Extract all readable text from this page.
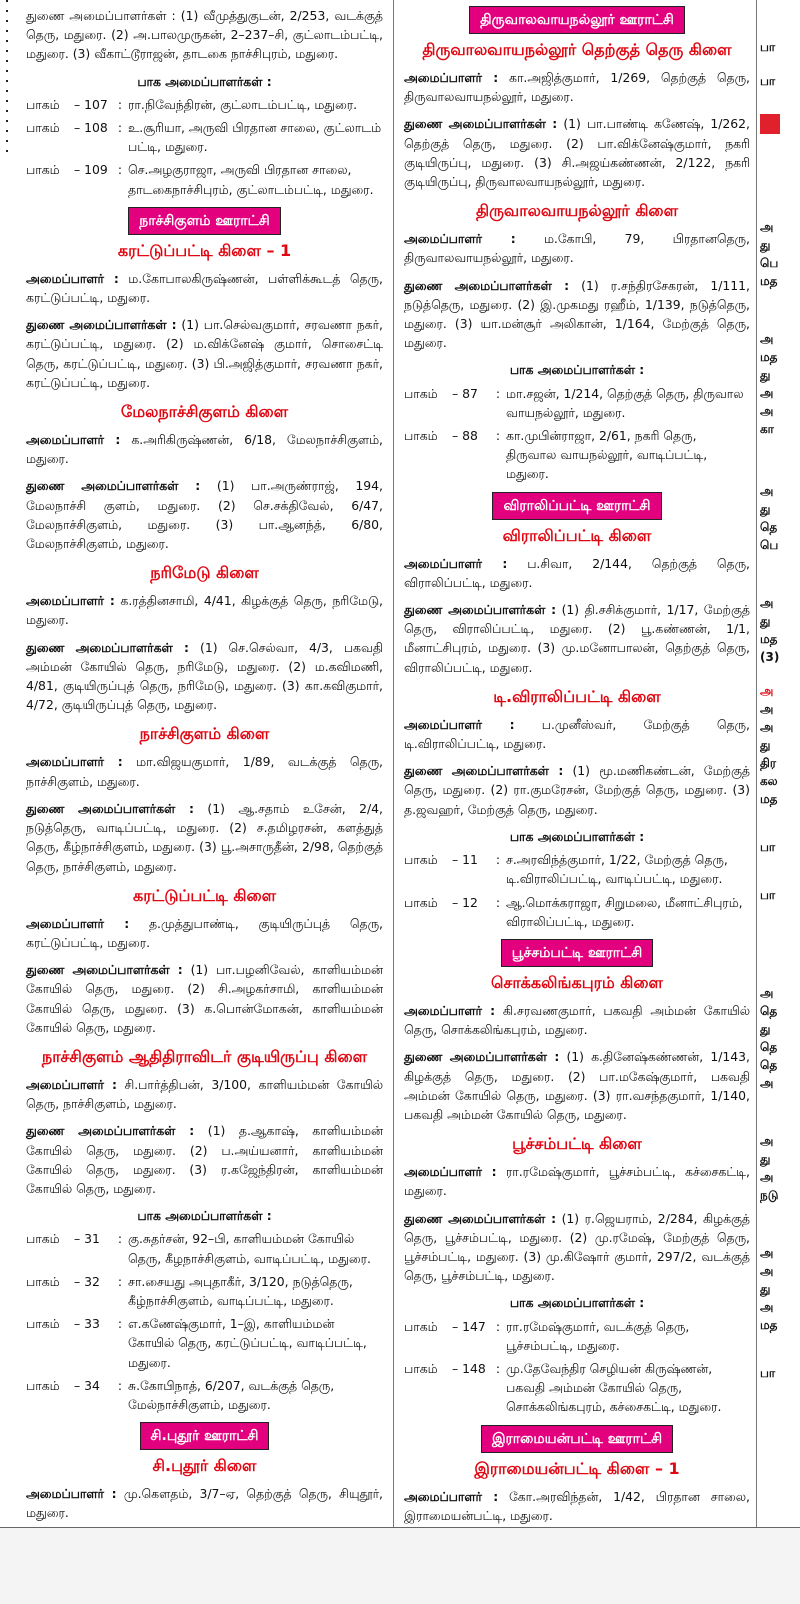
துணை அமைப்பாளர்கள் : (1) வீமுத்துகுடன், 2/253, வடக்குத் தெரு, மதுரை. (2) அ.பாலமுருகன், 2–237–சி, குட்லாடம்பட்டி, மதுரை. (3) வீகாட்டூராஜன், தாடகை நாச்சிபுரம், மதுரை.

பாக அமைப்பாளர்கள் :
பாகம்	– 107 : ரா.நிவேந்திரன், குட்லாடம்பட்டி, மதுரை.
பாகம்	– 108 : உ.சூரியா, அருவி பிரதான சாலை, குட்லாடம் பட்டி, மதுரை.
பாகம்	– 109 : செ.அழகுராஜா, அருவி பிரதான சாலை, தாடகைநாச்சிபுரம், குட்லாடம்பட்டி, மதுரை.
நாச்சிகுளம் ஊராட்சி
கரட்டுப்பட்டி கிளை – 1

அமைப்பாளர் : ம.கோபாலகிருஷ்ணன், பள்ளிக்கூடத் தெரு, கரட்டுப்பட்டி, மதுரை.

துணை அமைப்பாளர்கள் : (1) பா.செல்வகுமார், சரவணா நகர், கரட்டுப்பட்டி, மதுரை. (2) ம.விக்னேஷ் குமார், சொசைட்டி தெரு, கரட்டுப்பட்டி, மதுரை. (3) பி.அஜித்குமார், சரவணா நகர், கரட்டுப்பட்டி, மதுரை.

மேலநாச்சிகுளம் கிளை

அமைப்பாளர் : க.அரிகிருஷ்ணன், 6/18, மேலநாச்சிகுளம், மதுரை.

துணை அமைப்பாளர்கள் : (1) பா.அருண்ராஜ், 194, மேலநாச்சி குளம், மதுரை. (2) செ.சக்திவேல், 6/47, மேலநாச்சிகுளம், மதுரை. (3) பா.ஆனந்த், 6/80, மேலநாச்சிகுளம், மதுரை.

நரிமேடு கிளை

அமைப்பாளர் : க.ரத்தினசாமி, 4/41, கிழக்குத் தெரு, நரிமேடு, மதுரை.

துணை அமைப்பாளர்கள் : (1) செ.செல்வா, 4/3, பகவதி அம்மன் கோயில் தெரு, நரிமேடு, மதுரை. (2) ம.கவிமணி, 4/81, குடியிருப்புத் தெரு, நரிமேடு, மதுரை. (3) கா.கவிகுமார், 4/72, குடியிருப்புத் தெரு, மதுரை.

நாச்சிகுளம் கிளை

அமைப்பாளர் : மா.விஜயகுமார், 1/89, வடக்குத் தெரு, நாச்சிகுளம், மதுரை.

துணை அமைப்பாளர்கள் : (1) ஆ.சதாம் உசேன், 2/4, நடுத்தெரு, வாடிப்பட்டி, மதுரை. (2) ச.தமிழரசன், களத்துத் தெரு, கீழ்நாச்சிகுளம், மதுரை. (3) பூ.அசாருதீன், 2/98, தெற்குத் தெரு, நாச்சிகுளம், மதுரை.

கரட்டுப்பட்டி கிளை

அமைப்பாளர் : த.முத்துபாண்டி, குடியிருப்புத் தெரு, கரட்டுப்பட்டி, மதுரை.

துணை அமைப்பாளர்கள் : (1) பா.பழனிவேல், காளியம்மன் கோயில் தெரு, மதுரை. (2) சி.அழகர்சாமி, காளியம்மன் கோயில் தெரு, மதுரை. (3) க.பொன்மோகன், காளியம்மன் கோயில் தெரு, மதுரை.

நாச்சிகுளம் ஆதிதிராவிடர் குடியிருப்பு கிளை

அமைப்பாளர் : சி.பார்த்திபன், 3/100, காளியம்மன் கோயில் தெரு, நாச்சிகுளம், மதுரை.

துணை அமைப்பாளர்கள் : (1) த.ஆகாஷ், காளியம்மன் கோயில் தெரு, மதுரை. (2) ப.அய்யனார், காளியம்மன் கோயில் தெரு, மதுரை. (3) ர.கஜேந்திரன், காளியம்மன் கோயில் தெரு, மதுரை.

பாக அமைப்பாளர்கள் :
பாகம்	– 31	: கு.சுதர்சன், 92–பி, காளியம்மன் கோயில் தெரு, கீழநாச்சிகுளம், வாடிப்பட்டி, மதுரை.
பாகம்	– 32	: சா.சையது அபுதாகீர், 3/120, நடுத்தெரு, கீழ்நாச்சிகுளம், வாடிப்பட்டி, மதுரை.
பாகம்	– 33	: எ.கணேஷ்குமார், 1–இ, காளியம்மன் கோயில் தெரு, கரட்டுப்பட்டி, வாடிப்பட்டி, மதுரை.
பாகம்	– 34	: சு.கோபிநாத், 6/207, வடக்குத் தெரு, மேல்நாச்சிகுளம், மதுரை.
சி.புதூர் ஊராட்சி
சி.புதூர் கிளை

அமைப்பாளர் : மு.கௌதம், 3/7–ஏ, தெற்குத் தெரு, சியுதூர், மதுரை.

திருவாலவாயநல்லூர் ஊராட்சி
திருவாலவாயநல்லூர் தெற்குத் தெரு கிளை

அமைப்பாளர் : கா.அஜித்குமார், 1/269, தெற்குத் தெரு, திருவாலவாயநல்லூர், மதுரை.

துணை அமைப்பாளர்கள் : (1) பா.பாண்டி கணேஷ், 1/262, தெற்குத் தெரு, மதுரை. (2) பா.விக்னேஷ்குமார், நகரி குடியிருப்பு, மதுரை. (3) சி.அஜய்கண்ணன், 2/122, நகரி குடியிருப்பு, திருவாலவாயநல்லூர், மதுரை.

திருவாலவாயநல்லூர் கிளை

அமைப்பாளர் : ம.கோபி, 79, பிரதானதெரு, திருவாலவாயநல்லூர், மதுரை.

துணை அமைப்பாளர்கள் : (1) ர.சந்திரசேகரன், 1/111, நடுத்தெரு, மதுரை. (2) இ.முகமது ரஹீம், 1/139, நடுத்தெரு, மதுரை. (3) யா.மன்சூர் அலிகான், 1/164, மேற்குத் தெரு, மதுரை.

பாக அமைப்பாளர்கள் :
பாகம்	– 87	: மா.சஜன், 1/214, தெற்குத் தெரு, திருவால வாயநல்லூர், மதுரை.
பாகம்	– 88	: கா.முபின்ராஜா, 2/61, நகரி தெரு, திருவால வாயநல்லூர், வாடிப்பட்டி, மதுரை.
விராலிப்பட்டி ஊராட்சி
விராலிப்பட்டி கிளை

அமைப்பாளர் : ப.சிவா, 2/144, தெற்குத் தெரு, விராலிப்பட்டி, மதுரை.

துணை அமைப்பாளர்கள் : (1) தி.சசிக்குமார், 1/17, மேற்குத் தெரு, விராலிப்பட்டி, மதுரை. (2) பூ.கண்ணன், 1/1, மீனாட்சிபுரம், மதுரை. (3) மு.மனோபாலன், தெற்குத் தெரு, விராலிப்பட்டி, மதுரை.

டி.விராலிப்பட்டி கிளை

அமைப்பாளர் : ப.முனீஸ்வர், மேற்குத் தெரு, டி.விராலிப்பட்டி, மதுரை.

துணை அமைப்பாளர்கள் : (1) மூ.மணிகண்டன், மேற்குத் தெரு, மதுரை. (2) ரா.குமரேசன், மேற்குத் தெரு, மதுரை. (3) த.ஜவஹர், மேற்குத் தெரு, மதுரை.

பாக அமைப்பாளர்கள் :
பாகம்	– 11	: ச.அரவிந்த்குமார், 1/22, மேற்குத் தெரு, டி.விராலிப்பட்டி, வாடிப்பட்டி, மதுரை.
பாகம்	– 12	: ஆ.மொக்கராஜா, சிறுமலை, மீனாட்சிபுரம், விராலிப்பட்டி, மதுரை.
பூச்சம்பட்டி ஊராட்சி
சொக்கலிங்கபுரம் கிளை

அமைப்பாளர் : கி.சரவணகுமார், பகவதி அம்மன் கோயில் தெரு, சொக்கலிங்கபுரம், மதுரை.

துணை அமைப்பாளர்கள் : (1) க.தினேஷ்கண்ணன், 1/143, கிழக்குத் தெரு, மதுரை. (2) பா.மகேஷ்குமார், பகவதி அம்மன் கோயில் தெரு, மதுரை. (3) ரா.வசந்தகுமார், 1/140, பகவதி அம்மன் கோயில் தெரு, மதுரை.

பூச்சம்பட்டி கிளை

அமைப்பாளர் : ரா.ரமேஷ்குமார், பூச்சம்பட்டி, கச்சைகட்டி, மதுரை.

துணை அமைப்பாளர்கள் : (1) ர.ஜெயராம், 2/284, கிழக்குத் தெரு, பூச்சம்பட்டி, மதுரை. (2) மு.ரமேஷ், மேற்குத் தெரு, பூச்சம்பட்டி, மதுரை. (3) மு.கிஷோர் குமார், 297/2, வடக்குத் தெரு, பூச்சம்பட்டி, மதுரை.

பாக அமைப்பாளர்கள் :
பாகம்	– 147 : ரா.ரமேஷ்குமார், வடக்குத் தெரு, பூச்சம்பட்டி, மதுரை.
பாகம்	– 148 : மு.தேவேந்திர செழியன் கிருஷ்ணன், பகவதி அம்மன் கோயில் தெரு, சொக்கலிங்கபுரம், கச்சைகட்டி, மதுரை.
இராமையன்பட்டி ஊராட்சி
இராமையன்பட்டி கிளை – 1

அமைப்பாளர் : கோ.அரவிந்தன், 1/42, பிரதான சாலை, இராமையன்பட்டி, மதுரை.

பா
பா
அ
து
பெ
மத
அ
மத
து
அ
அ
கா
அ
து
தெ
பெ
அ
து
மத
(3)
அ
அ
அ
து
திர
கல
மத
பா
பா
அ
தெ
து
தெ
தெ
அ
அ
து
அ
நடு
அ
அ
து
அ
மத
பா
